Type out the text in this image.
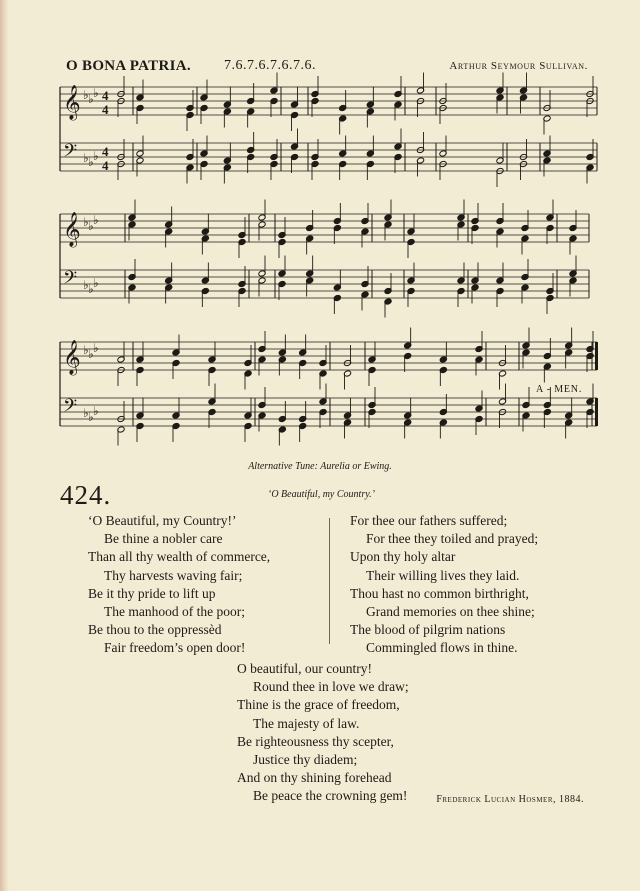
O BONA PATRIA. 7.6.7.6.7.6.7.6.	Arthur Seymour Sullivan.
𝄞 ♭ ♭ ♭ 4
4
𝄢 ♭ ♭ ♭ 4
4
𝄞 ♭ ♭ ♭
𝄢 ♭ ♭ ♭
𝄞 ♭ ♭ ♭
𝄢 ♭ ♭ ♭
A - MEN.
Alternative Tune: Aurelia or Ewing.
424.	‘O Beautiful, my Country.’
‘O Beautiful, my Country!’
Be thine a nobler care
Than all thy wealth of commerce,
Thy harvests waving fair;
Be it thy pride to lift up
The manhood of the poor;
Be thou to the oppressèd
Fair freedom’s open door!
For thee our fathers suffered;
For thee they toiled and prayed;
Upon thy holy altar
Their willing lives they laid.
Thou hast no common birthright,
Grand memories on thee shine;
The blood of pilgrim nations
Commingled flows in thine.
O beautiful, our country!
Round thee in love we draw;
Thine is the grace of freedom,
The majesty of law.
Be righteousness thy scepter,
Justice thy diadem;
And on thy shining forehead
Be peace the crowning gem!	Frederick Lucian Hosmer, 1884.
